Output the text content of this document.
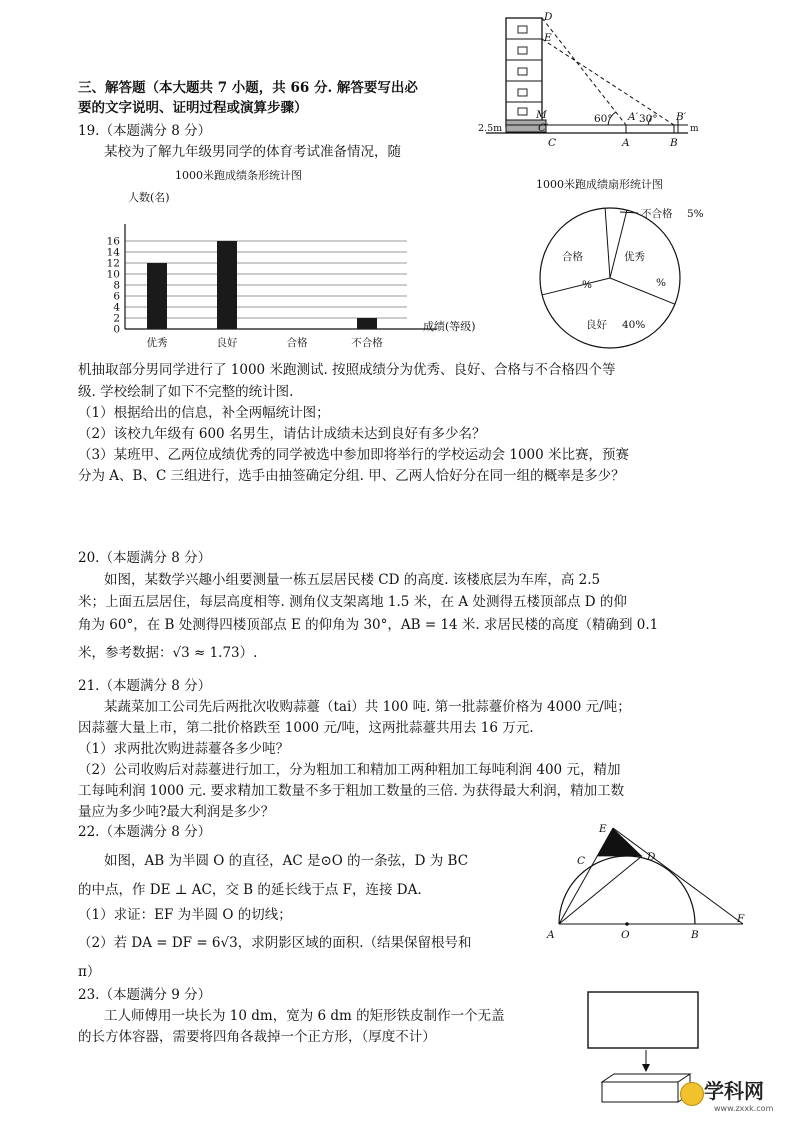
三、解答题（本大题共 7 小题，共 66 分. 解答要写出必
要的文字说明、证明过程或演算步骤）
19.（本题满分 8 分）
某校为了解九年级男同学的体育考试准备情况，随
D
E
M
C′
C
A′
A
B′
B
60°	30°
2.5m	m
1000米跑成绩条形统计图
人数(名)
成绩(等级)
0
2
4
6
8
10
12
14
16
优秀	良好	合格	不合格
1000米跑成绩扇形统计图
不合格 5%
优秀
%
良好 40%
合格
%
机抽取部分男同学进行了 1000 米跑测试. 按照成绩分为优秀、良好、合格与不合格四个等
级. 学校绘制了如下不完整的统计图.
（1）根据给出的信息，补全两幅统计图；
（2）该校九年级有 600 名男生，请估计成绩未达到良好有多少名？
（3）某班甲、乙两位成绩优秀的同学被选中参加即将举行的学校运动会 1000 米比赛，预赛
分为 A、B、C 三组进行，选手由抽签确定分组. 甲、乙两人恰好分在同一组的概率是多少？
20.（本题满分 8 分）
如图，某数学兴趣小组要测量一栋五层居民楼 CD 的高度. 该楼底层为车库，高 2.5
米；上面五层居住，每层高度相等. 测角仪支架离地 1.5 米，在 A 处测得五楼顶部点 D 的仰
角为 60°，在 B 处测得四楼顶部点 E 的仰角为 30°，AB = 14 米. 求居民楼的高度（精确到 0.1
米，参考数据：√3 ≈ 1.73）.
21.（本题满分 8 分）
某蔬菜加工公司先后两批次收购蒜薹（tai）共 100 吨. 第一批蒜薹价格为 4000 元/吨；
因蒜薹大量上市，第二批价格跌至 1000 元/吨，这两批蒜薹共用去 16 万元.
（1）求两批次购进蒜薹各多少吨？
（2）公司收购后对蒜薹进行加工，分为粗加工和精加工两种粗加工每吨利润 400 元，精加
工每吨利润 1000 元. 要求精加工数量不多于粗加工数量的三倍. 为获得最大利润，精加工数
量应为多少吨?最大利润是多少？
22.（本题满分 8 分）
如图，AB 为半圆 O 的直径，AC 是⊙O 的一条弦，D 为 BC
的中点，作 DE ⊥ AC，交 B 的延长线于点 F，连接 DA.
（1）求证：EF 为半圆 O 的切线；
（2）若 DA = DF = 6√3，求阴影区域的面积.（结果保留根号和
π）
A	O	B
F
C
E
D
23.（本题满分 9 分）
工人师傅用一块长为 10 dm，宽为 6 dm 的矩形铁皮制作一个无盖
的长方体容器，需要将四角各裁掉一个正方形，（厚度不计）
学科网
www.zxxk.com
